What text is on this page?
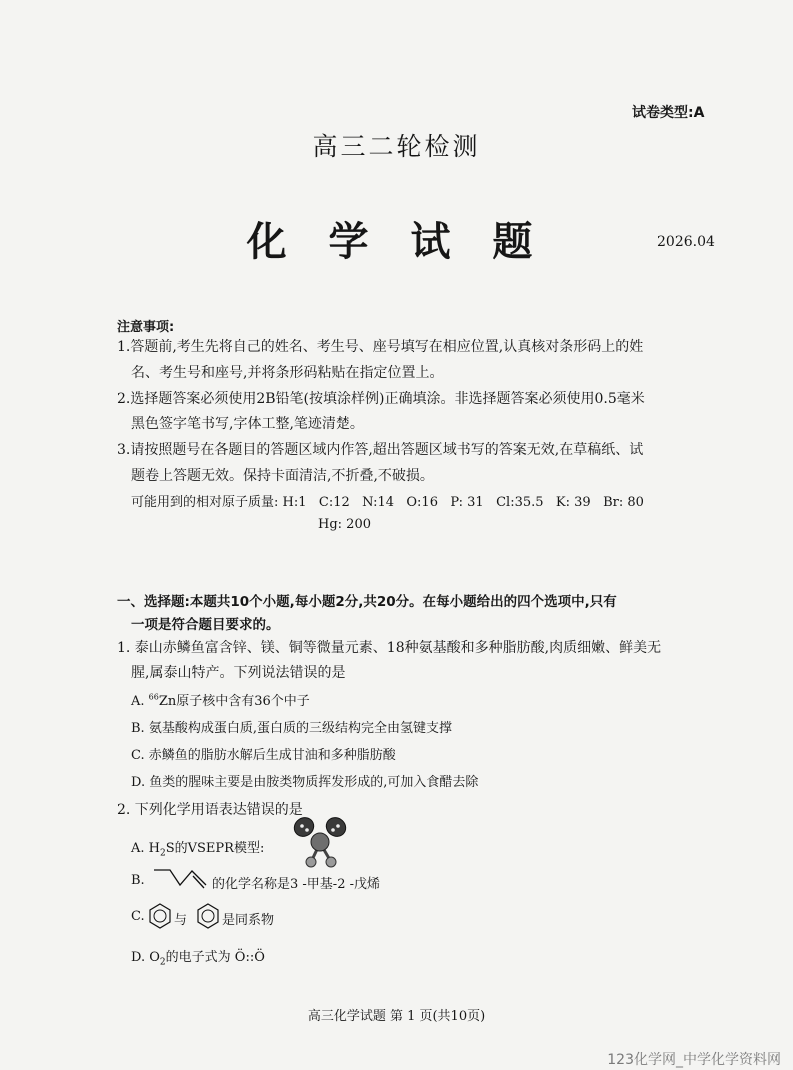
试卷类型:A
高三二轮检测
化 学 试 题	2026.04
注意事项:
1.答题前,考生先将自己的姓名、考生号、座号填写在相应位置,认真核对条形码上的姓
名、考生号和座号,并将条形码粘贴在指定位置上。
2.选择题答案必须使用2B铅笔(按填涂样例)正确填涂。非选择题答案必须使用0.5毫米
黑色签字笔书写,字体工整,笔迹清楚。
3.请按照题号在各题目的答题区域内作答,超出答题区域书写的答案无效,在草稿纸、试
题卷上答题无效。保持卡面清洁,不折叠,不破损。
可能用到的相对原子质量: H:1   C:12   N:14   O:16   P: 31   Cl:35.5   K: 39   Br: 80
Hg: 200
一、选择题:本题共10个小题,每小题2分,共20分。在每小题给出的四个选项中,只有
一项是符合题目要求的。
1. 泰山赤鳞鱼富含锌、镁、铜等微量元素、18种氨基酸和多种脂肪酸,肉质细嫩、鲜美无
腥,属泰山特产。下列说法错误的是
A. $^{66}$Zn原子核中含有36个中子
B. 氨基酸构成蛋白质,蛋白质的三级结构完全由氢键支撑
C. 赤鳞鱼的脂肪水解后生成甘油和多种脂肪酸
D. 鱼类的腥味主要是由胺类物质挥发形成的,可加入食醋去除
2. 下列化学用语表达错误的是
A. $H_2S$的VSEPR模型:
B.	的化学名称是3 -甲基-2 -戊烯
C. 与	是同系物
D. $O_2$的电子式为 Ö::Ö
高三化学试题 第 1 页(共10页)
123化学网_中学化学资料网
